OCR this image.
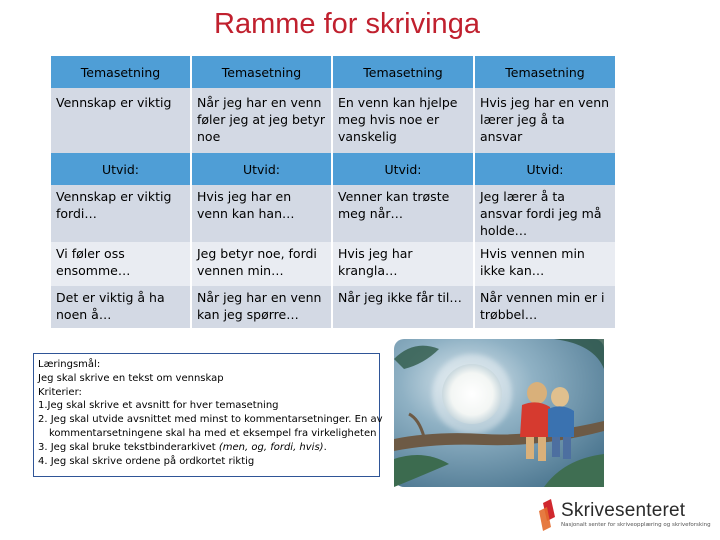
Ramme for skrivinga
Temasetning	Temasetning	Temasetning	Temasetning
Vennskap er viktig	Når jeg har en venn føler jeg at jeg betyr noe	En venn kan hjelpe meg hvis noe er vanskelig	Hvis jeg har en venn lærer jeg å ta ansvar
Utvid:	Utvid:	Utvid:	Utvid:
Vennskap er viktig fordi…	Hvis jeg har en venn kan han…	Venner kan trøste meg når…	Jeg lærer å ta ansvar fordi jeg må holde…
Vi føler oss ensomme…	Jeg betyr noe, fordi vennen min…	Hvis jeg har krangla…	Hvis vennen min ikke kan…
Det er viktig å ha noen å…	Når jeg har en venn kan jeg spørre…	Når jeg ikke får til…	Når vennen min er i trøbbel…
Læringsmål:
Jeg skal skrive en tekst om vennskap
Kriterier:
1.Jeg skal skrive et avsnitt for hver temasetning
2. Jeg skal utvide avsnittet med minst to kommentarsetninger. En av
kommentarsetningene skal ha med et eksempel fra virkeligheten
3. Jeg skal bruke tekstbinderarkivet (men, og, fordi, hvis).
4. Jeg skal skrive ordene på ordkortet riktig
Skrivesenteret
Nasjonalt senter for skriveopplæring og skriveforsking
